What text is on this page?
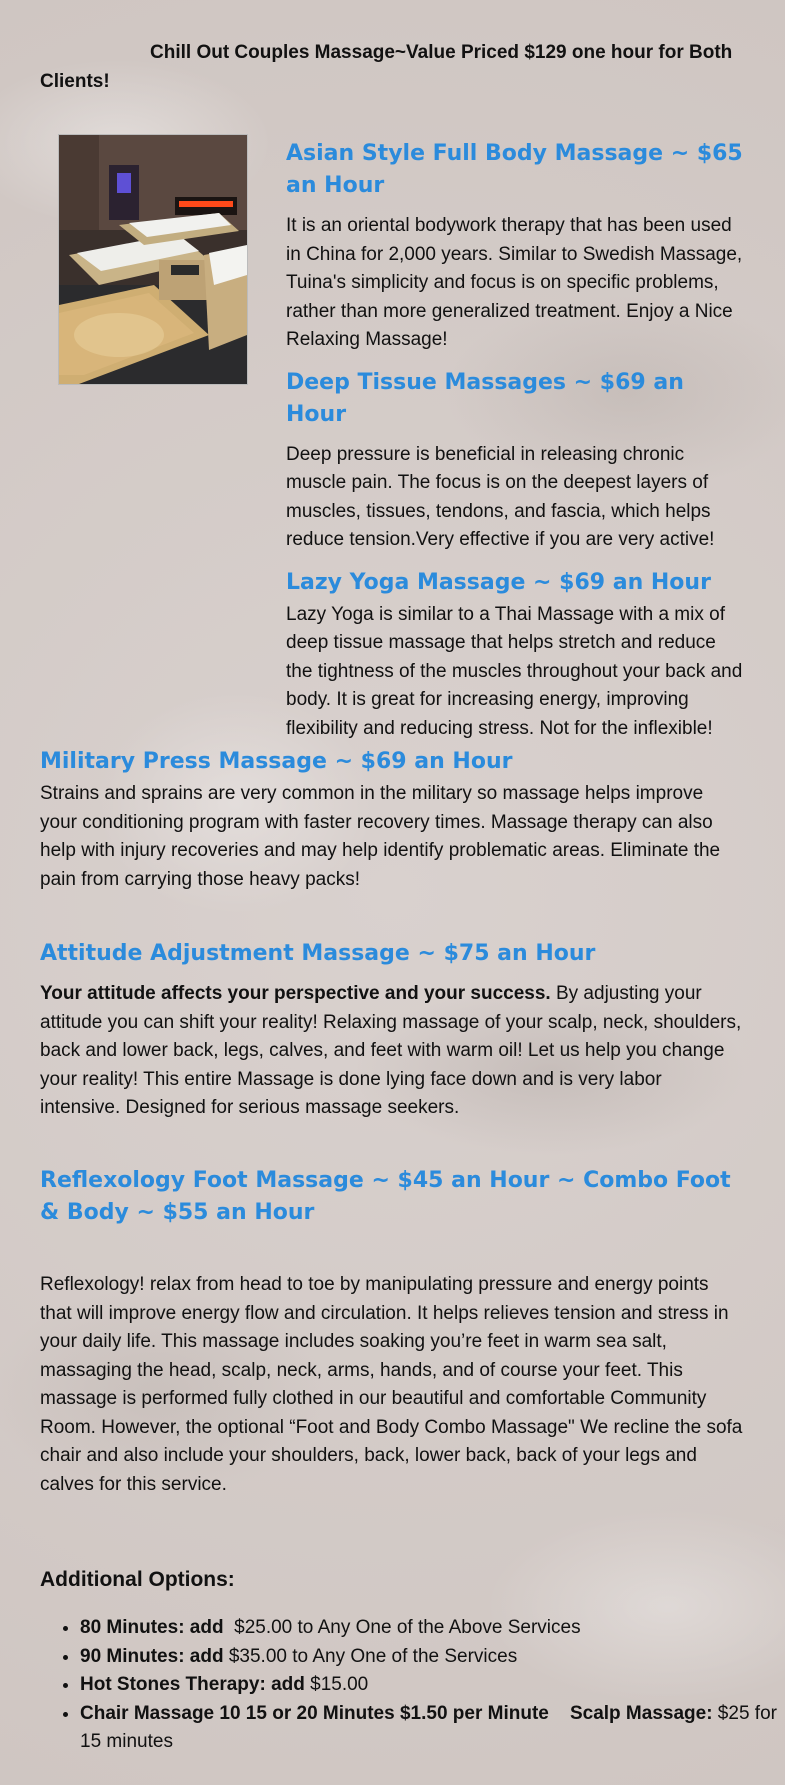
Chill Out Couples Massage~Value Priced $129 one hour for Both Clients!

Asian Style Full Body Massage ~ $65 an Hour

It is an oriental bodywork therapy that has been used in China for 2,000 years. Similar to Swedish Massage, Tuina's simplicity and focus is on specific problems, rather than more generalized treatment. Enjoy a Nice Relaxing Massage!

Deep Tissue Massages ~ $69 an Hour

Deep pressure is beneficial in releasing chronic muscle pain. The focus is on the deepest layers of muscles, tissues, tendons, and fascia, which helps reduce tension.Very effective if you are very active!

Lazy Yoga Massage ~ $69 an Hour

Lazy Yoga is similar to a Thai Massage with a mix of deep tissue massage that helps stretch and reduce the tightness of the muscles throughout your back and body. It is great for increasing energy, improving flexibility and reducing stress. Not for the inflexible!

Military Press Massage ~ $69 an Hour

Strains and sprains are very common in the military so massage helps improve your conditioning program with faster recovery times. Massage therapy can also help with injury recoveries and may help identify problematic areas. Eliminate the pain from carrying those heavy packs!

Attitude Adjustment Massage ~ $75 an Hour

Your attitude affects your perspective and your success. By adjusting your attitude you can shift your reality! Relaxing massage of your scalp, neck, shoulders, back and lower back, legs, calves, and feet with warm oil! Let us help you change your reality! This entire Massage is done lying face down and is very labor intensive. Designed for serious massage seekers.

Reflexology Foot Massage ~ $45 an Hour ~ Combo Foot & Body ~ $55 an Hour

Reflexology! relax from head to toe by manipulating pressure and energy points that will improve energy flow and circulation. It helps relieves tension and stress in your daily life. This massage includes soaking you’re feet in warm sea salt, massaging the head, scalp, neck, arms, hands, and of course your feet. This massage is performed fully clothed in our beautiful and comfortable Community Room. However, the optional “Foot and Body Combo Massage" We recline the sofa chair and also include your shoulders, back, lower back, back of your legs and calves for this service.

Additional Options:
• 80 Minutes: add  $25.00 to Any One of the Above Services
• 90 Minutes: add $35.00 to Any One of the Services
• Hot Stones Therapy: add $15.00
• Chair Massage 10 15 or 20 Minutes $1.50 per Minute    Scalp Massage: $25 for 15 minutes
